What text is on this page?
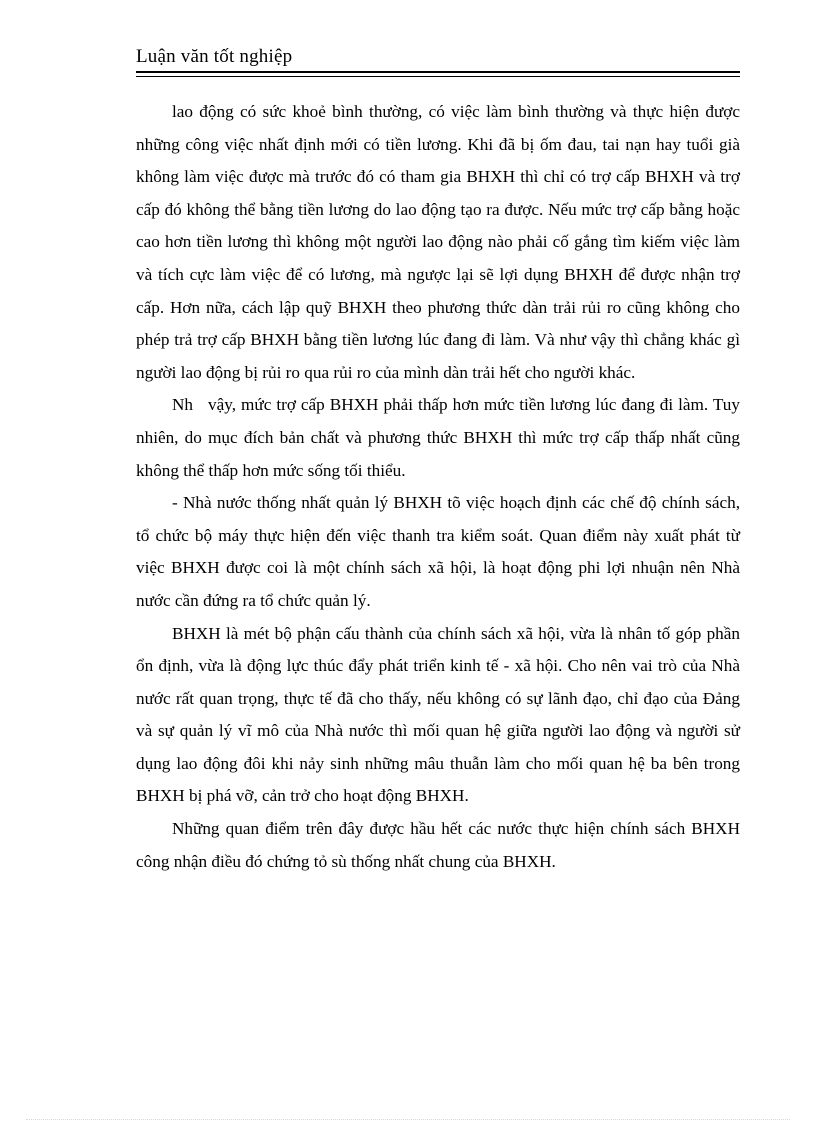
Luận văn tốt nghiệp

lao động có sức khoẻ bình thường, có việc làm bình thường và thực hiện được những công việc nhất định mới có tiền lương. Khi đã bị ốm đau, tai nạn hay tuổi già không làm việc được mà trước đó có tham gia BHXH thì chỉ có trợ cấp BHXH và trợ cấp đó không thể bằng tiền lương do lao động tạo ra được. Nếu mức trợ cấp bằng hoặc cao hơn tiền lương thì không một người lao động nào phải cố gắng tìm kiếm việc làm và tích cực làm việc để có lương, mà ngược lại sẽ lợi dụng BHXH để được nhận trợ cấp. Hơn nữa, cách lập quỹ BHXH theo phương thức dàn trải rủi ro cũng không cho phép trả trợ cấp BHXH bằng tiền lương lúc đang đi làm. Và như vậy thì chẳng khác gì người lao động bị rủi ro qua rủi ro của mình dàn trải hết cho người khác.

Nh   vậy, mức trợ cấp BHXH phải thấp hơn mức tiền lương lúc đang đi làm. Tuy nhiên, do mục đích bản chất và phương thức BHXH thì mức trợ cấp thấp nhất cũng không thể thấp hơn mức sống tối thiểu.

- Nhà nước thống nhất quản lý BHXH tõ việc hoạch định các chế độ chính sách, tổ chức bộ máy thực hiện đến việc thanh tra kiểm soát. Quan điểm này xuất phát từ việc BHXH được coi là một chính sách xã hội, là hoạt động phi lợi nhuận nên Nhà nước cần đứng ra tổ chức quản lý.

BHXH là mét bộ phận cấu thành của chính sách xã hội, vừa là nhân tố góp phần ổn định, vừa là động lực thúc đẩy phát triển kinh tế - xã hội. Cho nên vai trò của Nhà nước rất quan trọng, thực tế đã cho thấy, nếu không có sự lãnh đạo, chỉ đạo của Đảng và sự quản lý vĩ mô của Nhà nước thì mối quan hệ giữa người lao động và người sử dụng lao động đôi khi nảy sinh những mâu thuẫn làm cho mối quan hệ ba bên trong BHXH bị phá vỡ, cản trở cho hoạt động BHXH.

Những quan điểm trên đây được hầu hết các nước thực hiện chính sách BHXH công nhận điều đó chứng tỏ sù thống nhất chung của BHXH.
